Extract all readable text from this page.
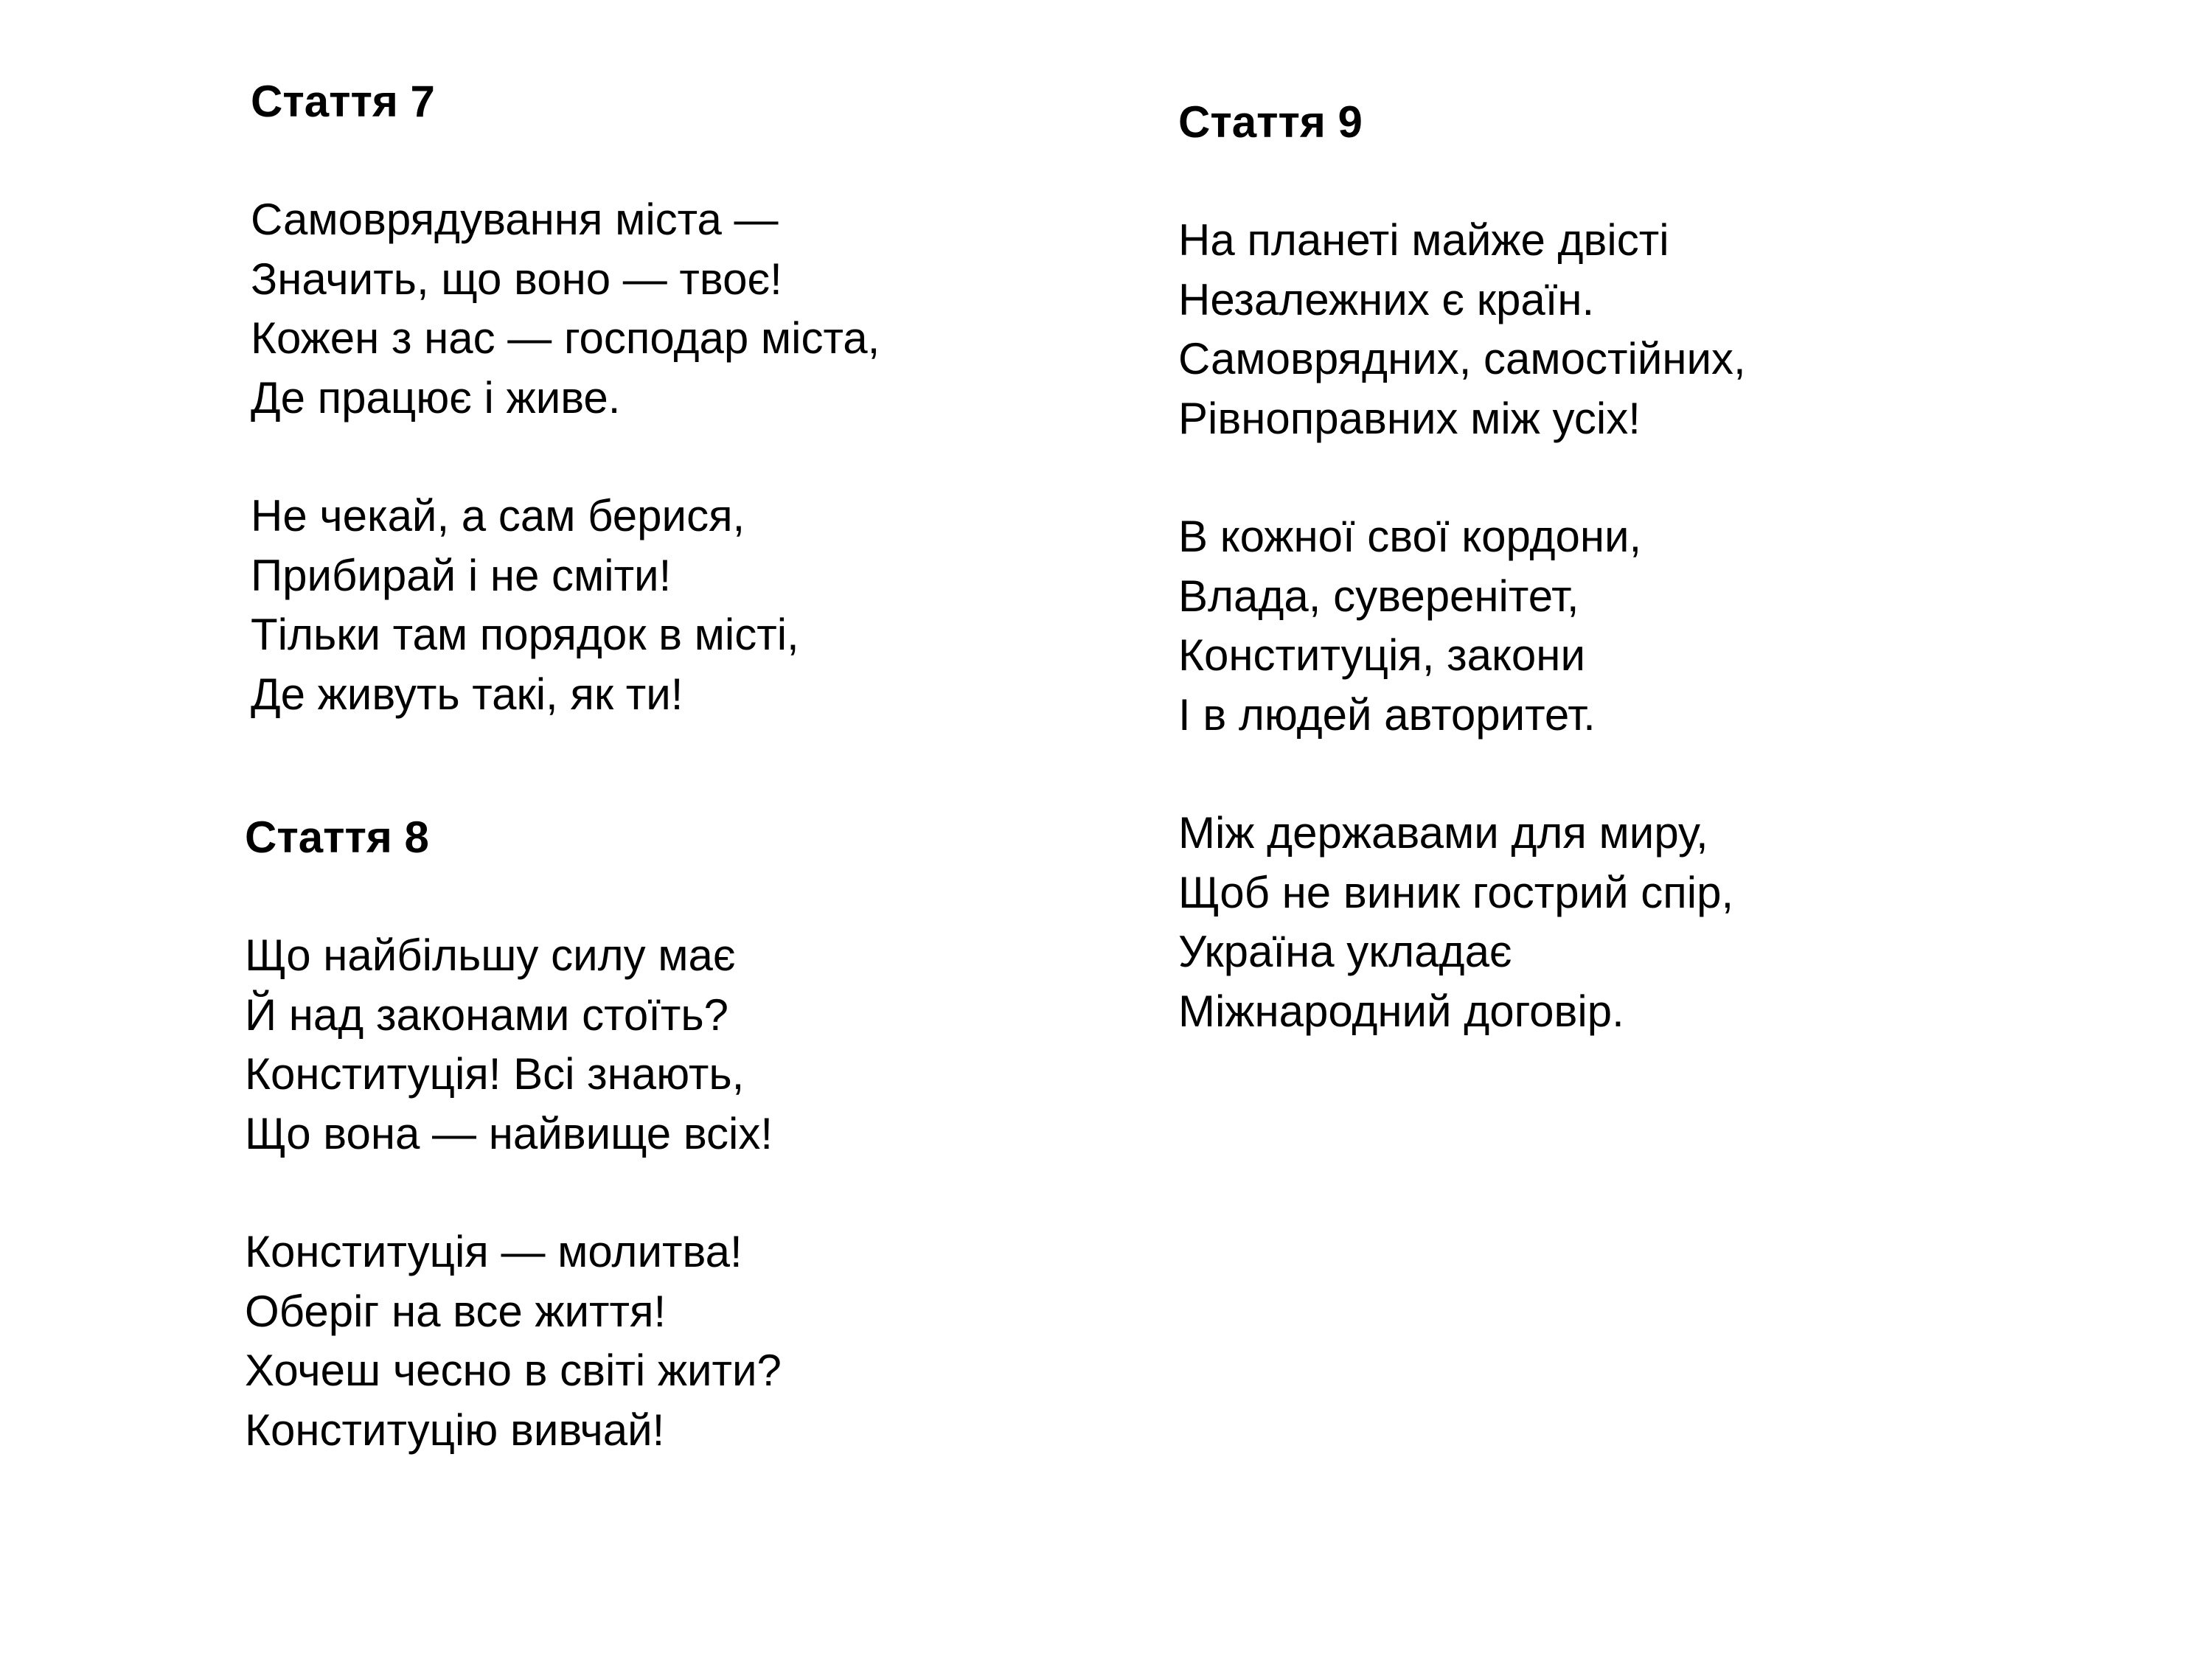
Стаття 7
Самоврядування міста —
Значить, що воно — твоє!
Кожен з нас — господар міста,
Де працює і живе.
Не чекай, а сам берися,
Прибирай і не сміти!
Тільки там порядок в місті,
Де живуть такі, як ти!
Стаття 8
Що найбільшу силу має
Й над законами стоїть?
Конституція! Всі знають,
Що вона — найвище всіх!
Конституція — молитва!
Оберіг на все життя!
Хочеш чесно в світі жити?
Конституцію вивчай!
Стаття 9
На планеті майже двісті
Незалежних є країн.
Самоврядних, самостійних,
Рівноправних між усіх!
В кожної свої кордони,
Влада, суверенітет,
Конституція, закони
І в людей авторитет.
Між державами для миру,
Щоб не виник гострий спір,
Україна укладає
Міжнародний договір.
